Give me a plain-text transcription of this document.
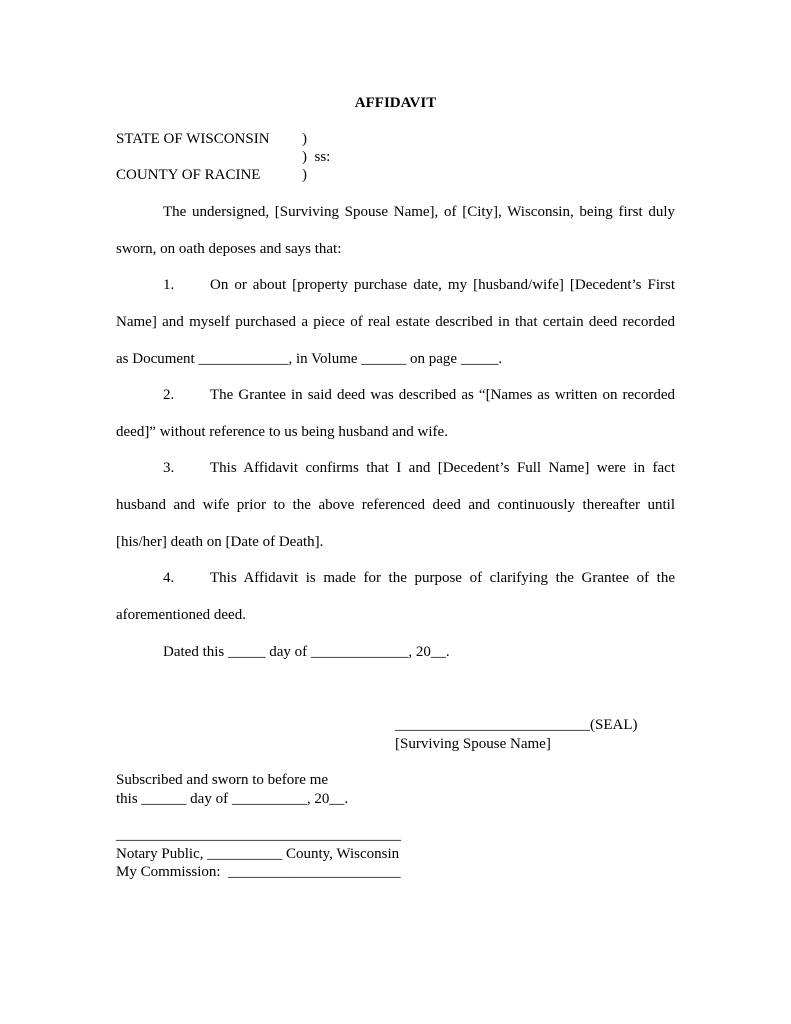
AFFIDAVIT
STATE OF WISCONSIN )
)  ss:
COUNTY OF RACINE	)
The undersigned, [Surviving Spouse Name], of [City], Wisconsin, being first duly
sworn, on oath deposes and says that:
1. On or about [property purchase date, my [husband/wife] [Decedent’s First
Name] and myself purchased a piece of real estate described in that certain deed recorded
as Document ____________, in Volume ______ on page _____.
2. The Grantee in said deed was described as “[Names as written on recorded
deed]” without reference to us being husband and wife.
3. This Affidavit confirms that I and [Decedent’s Full Name] were in fact
husband and wife prior to the above referenced deed and continuously thereafter until
[his/her] death on [Date of Death].
4. This Affidavit is made for the purpose of clarifying the Grantee of the
aforementioned deed.
Dated this _____ day of _____________, 20__.
__________________________(SEAL)
[Surviving Spouse Name]
Subscribed and sworn to before me
this ______ day of __________, 20__.
______________________________________
Notary Public, __________ County, Wisconsin
My Commission:  _______________________
